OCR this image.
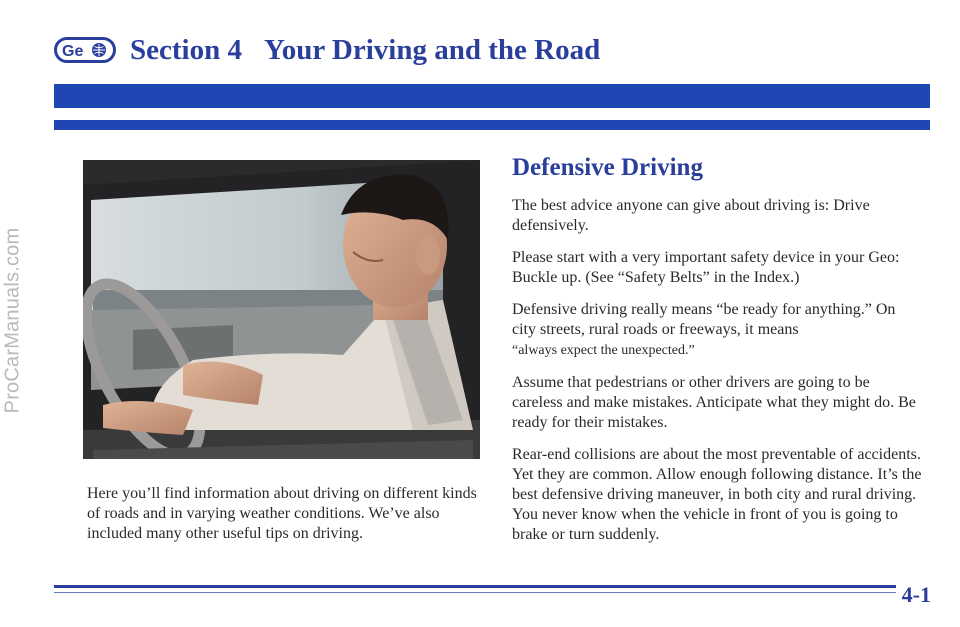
ProCarManuals.com
Ge Section 4 Your Driving and the Road
Here you’ll find information about driving on different kinds of roads and in varying weather conditions. We’ve also included many other useful tips on driving.
Defensive Driving

The best advice anyone can give about driving is: Drive defensively.

Please start with a very important safety device in your Geo: Buckle up. (See “Safety Belts” in the Index.)

Defensive driving really means “be ready for anything.” On city streets, rural roads or freeways, it means
“always expect the unexpected.”

Assume that pedestrians or other drivers are going to be careless and make mistakes. Anticipate what they might do. Be ready for their mistakes.

Rear-end collisions are about the most preventable of accidents. Yet they are common. Allow enough following distance. It’s the best defensive driving maneuver, in both city and rural driving. You never know when the vehicle in front of you is going to brake or turn suddenly.

4-1
